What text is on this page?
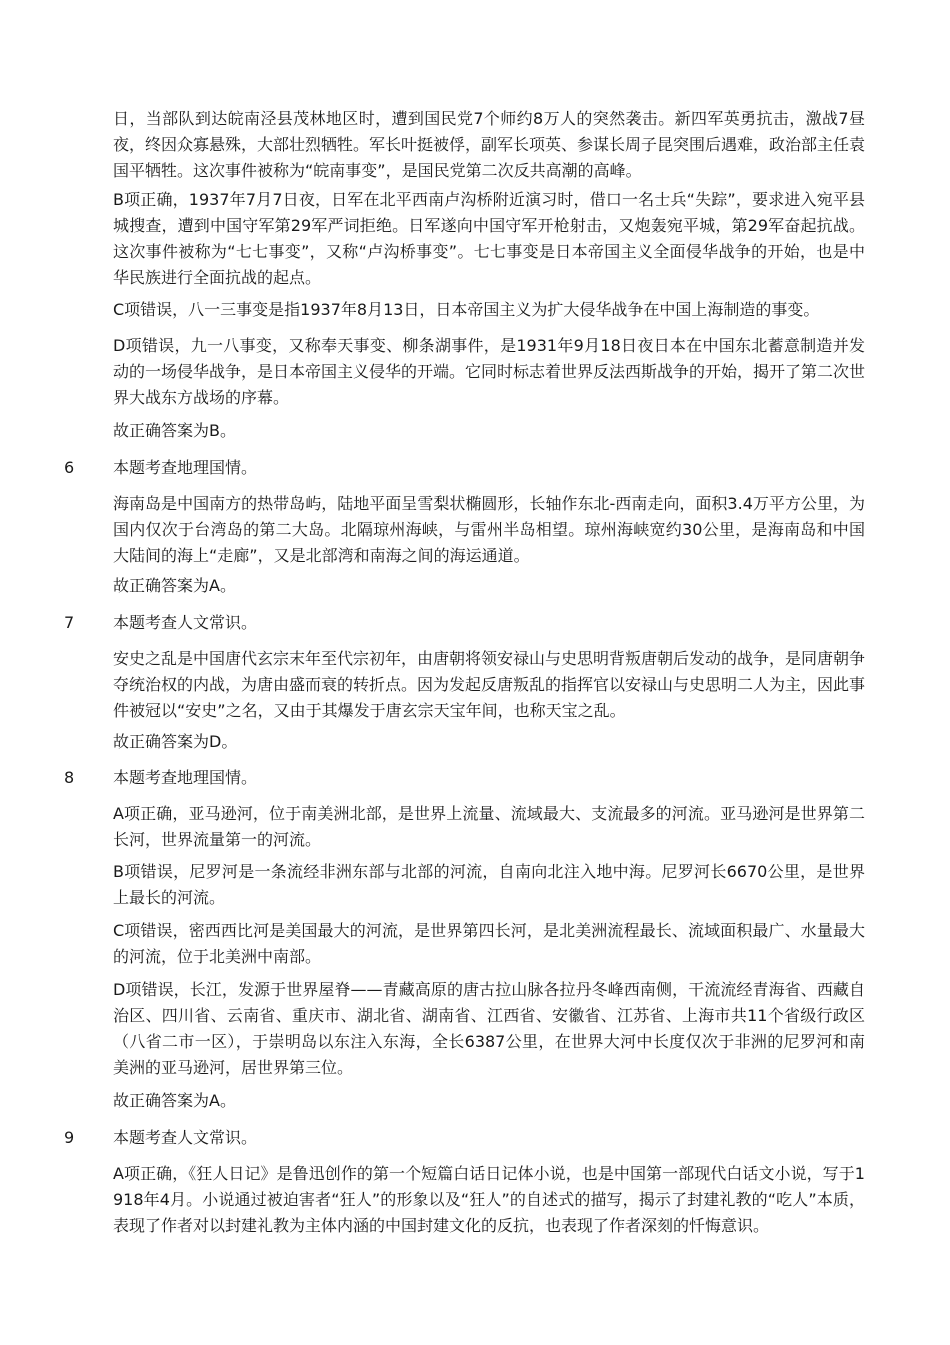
日，当部队到达皖南泾县茂林地区时，遭到国民党7个师约8万人的突然袭击。新四军英勇抗击，激战7昼夜，终因众寡悬殊，大部壮烈牺牲。军长叶挺被俘，副军长项英、参谋长周子昆突围后遇难，政治部主任袁国平牺牲。这次事件被称为“皖南事变”，是国民党第二次反共高潮的高峰。

B项正确，1937年7月7日夜，日军在北平西南卢沟桥附近演习时，借口一名士兵“失踪”，要求进入宛平县城搜查，遭到中国守军第29军严词拒绝。日军遂向中国守军开枪射击，又炮轰宛平城，第29军奋起抗战。这次事件被称为“七七事变”，又称“卢沟桥事变”。七七事变是日本帝国主义全面侵华战争的开始，也是中华民族进行全面抗战的起点。

C项错误，八一三事变是指1937年8月13日，日本帝国主义为扩大侵华战争在中国上海制造的事变。

D项错误，九一八事变，又称奉天事变、柳条湖事件，是1931年9月18日夜日本在中国东北蓄意制造并发动的一场侵华战争，是日本帝国主义侵华的开端。它同时标志着世界反法西斯战争的开始，揭开了第二次世界大战东方战场的序幕。

故正确答案为B。

6	本题考查地理国情。

海南岛是中国南方的热带岛屿，陆地平面呈雪梨状椭圆形，长轴作东北-西南走向，面积3.4万平方公里，为国内仅次于台湾岛的第二大岛。北隔琼州海峡，与雷州半岛相望。琼州海峡宽约30公里，是海南岛和中国大陆间的海上“走廊”，又是北部湾和南海之间的海运通道。

故正确答案为A。

7	本题考查人文常识。

安史之乱是中国唐代玄宗末年至代宗初年，由唐朝将领安禄山与史思明背叛唐朝后发动的战争，是同唐朝争夺统治权的内战，为唐由盛而衰的转折点。因为发起反唐叛乱的指挥官以安禄山与史思明二人为主，因此事件被冠以“安史”之名，又由于其爆发于唐玄宗天宝年间，也称天宝之乱。

故正确答案为D。

8	本题考查地理国情。

A项正确，亚马逊河，位于南美洲北部，是世界上流量、流域最大、支流最多的河流。亚马逊河是世界第二长河，世界流量第一的河流。

B项错误，尼罗河是一条流经非洲东部与北部的河流，自南向北注入地中海。尼罗河长6670公里，是世界上最长的河流。

C项错误，密西西比河是美国最大的河流，是世界第四长河，是北美洲流程最长、流域面积最广、水量最大的河流，位于北美洲中南部。

D项错误，长江，发源于世界屋脊——青藏高原的唐古拉山脉各拉丹冬峰西南侧，干流流经青海省、西藏自治区、四川省、云南省、重庆市、湖北省、湖南省、江西省、安徽省、江苏省、上海市共11个省级行政区（八省二市一区），于崇明岛以东注入东海，全长6387公里，在世界大河中长度仅次于非洲的尼罗河和南美洲的亚马逊河，居世界第三位。

故正确答案为A。

9	本题考查人文常识。

A项正确，《狂人日记》是鲁迅创作的第一个短篇白话日记体小说，也是中国第一部现代白话文小说，写于1918年4月。小说通过被迫害者“狂人”的形象以及“狂人”的自述式的描写，揭示了封建礼教的“吃人”本质，表现了作者对以封建礼教为主体内涵的中国封建文化的反抗，也表现了作者深刻的忏悔意识。
